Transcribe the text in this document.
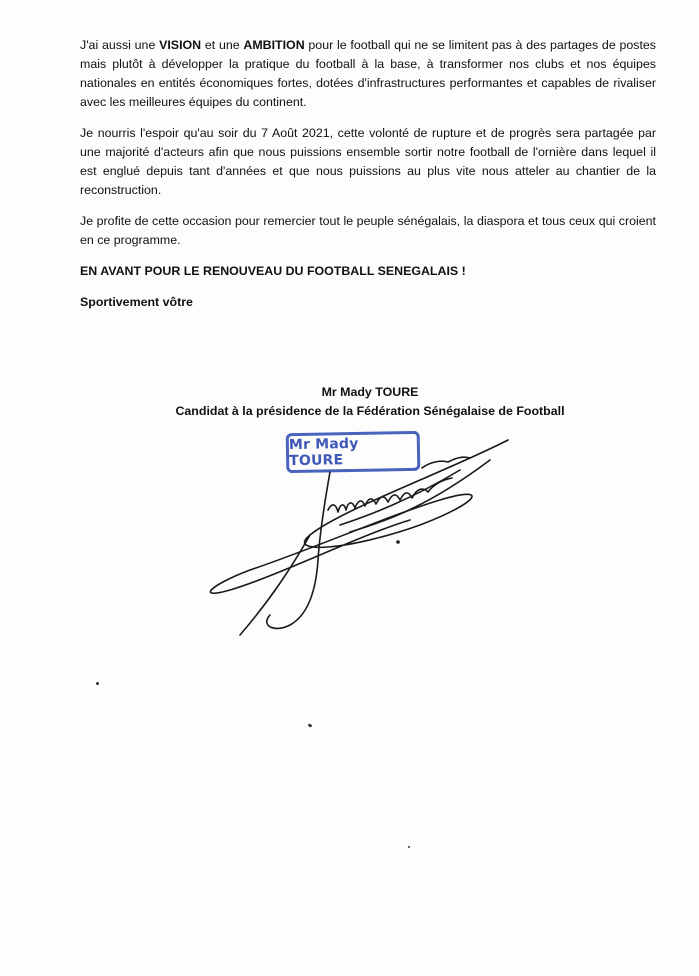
J'ai aussi une VISION et une AMBITION pour le football qui ne se limitent pas à des partages de postes mais plutôt à développer la pratique du football à la base, à transformer nos clubs et nos équipes nationales en entités économiques fortes, dotées d'infrastructures performantes et capables de rivaliser avec les meilleures équipes du continent.

Je nourris l'espoir qu'au soir du 7 Août 2021, cette volonté de rupture et de progrès sera partagée par une majorité d'acteurs afin que nous puissions ensemble sortir notre football de l'ornière dans lequel il est englué depuis tant d'années et que nous puissions au plus vite nous atteler au chantier de la reconstruction.

Je profite de cette occasion pour remercier tout le peuple sénégalais, la diaspora et tous ceux qui croient en ce programme.

EN AVANT POUR LE RENOUVEAU DU FOOTBALL SENEGALAIS !

Sportivement vôtre

Mr Mady TOURE
Candidat à la présidence de la Fédération Sénégalaise de Football
Mr Mady TOURE
